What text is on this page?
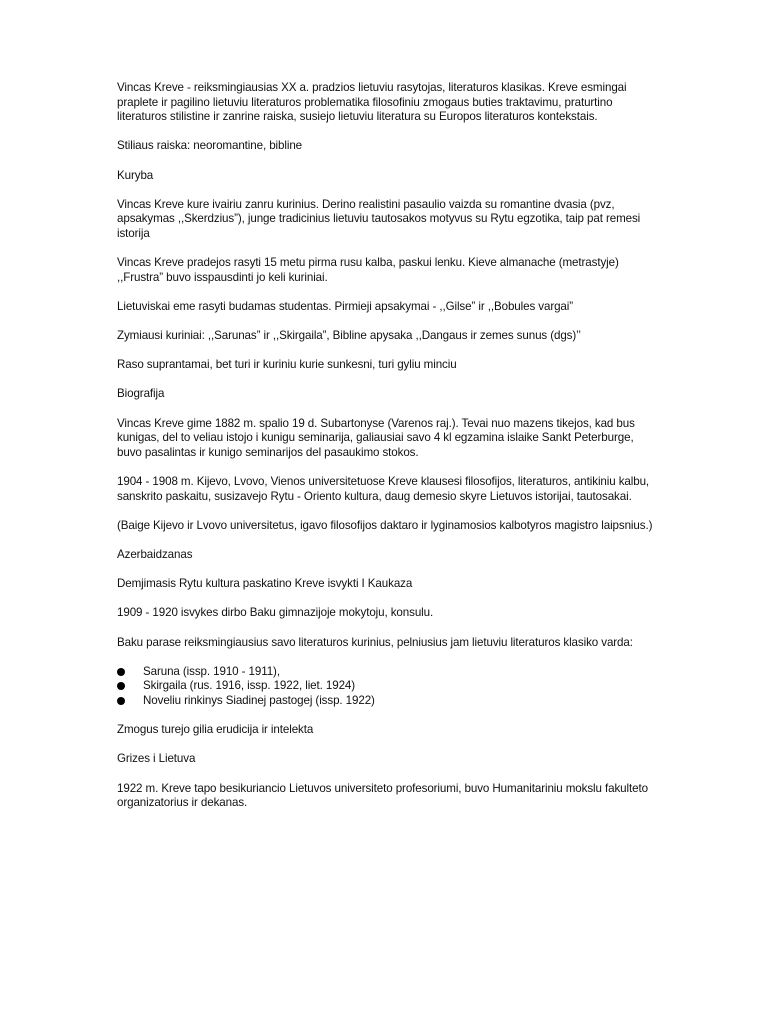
Vincas Kreve - reiksmingiausias XX a. pradzios lietuviu rasytojas, literaturos klasikas. Kreve esmingai praplete ir pagilino lietuviu literaturos problematika filosofiniu zmogaus buties traktavimu, praturtino literaturos stilistine ir zanrine raiska, susiejo lietuviu literatura su Europos literaturos kontekstais.

Stiliaus raiska: neoromantine, bibline

Kuryba

Vincas Kreve kure ivairiu zanru kurinius. Derino realistini pasaulio vaizda su romantine dvasia (pvz, apsakymas ,,Skerdzius”), junge tradicinius lietuviu tautosakos motyvus su Rytu egzotika, taip pat remesi istorija

Vincas Kreve pradejos rasyti 15 metu pirma rusu kalba, paskui lenku. Kieve almanache (metrastyje) ,,Frustra” buvo isspausdinti jo keli kuriniai.

Lietuviskai eme rasyti budamas studentas. Pirmieji apsakymai - ,,Gilse” ir ,,Bobules vargai”

Zymiausi kuriniai: ,,Sarunas” ir ,,Skirgaila”, Bibline apysaka ,,Dangaus ir zemes sunus (dgs)’’

Raso suprantamai, bet turi ir kuriniu kurie sunkesni, turi gyliu minciu

Biografija

Vincas Kreve gime 1882 m. spalio 19 d. Subartonyse (Varenos raj.). Tevai nuo mazens tikejos, kad bus kunigas, del to veliau istojo i kunigu seminarija, galiausiai savo 4 kl egzamina islaike Sankt Peterburge, buvo pasalintas ir kunigo seminarijos del pasaukimo stokos.

1904 - 1908 m. Kijevo, Lvovo, Vienos universitetuose Kreve klausesi filosofijos, literaturos, antikiniu kalbu, sanskrito paskaitu, susizavejo Rytu - Oriento kultura, daug demesio skyre Lietuvos istorijai, tautosakai.

(Baige Kijevo ir Lvovo universitetus, igavo filosofijos daktaro ir lyginamosios kalbotyros magistro laipsnius.)

Azerbaidzanas

Demjimasis Rytu kultura paskatino Kreve isvykti I Kaukaza

1909 - 1920 isvykes dirbo Baku gimnazijoje mokytoju, konsulu.

Baku parase reiksmingiausius savo literaturos kurinius, pelniusius jam lietuviu literaturos klasiko varda:

Saruna (issp. 1910 - 1911),
Skirgaila (rus. 1916, issp. 1922, liet. 1924)
Noveliu rinkinys Siadinej pastogej (issp. 1922)

Zmogus turejo gilia erudicija ir intelekta

Grizes i Lietuva

1922 m. Kreve tapo besikuriancio Lietuvos universiteto profesoriumi, buvo Humanitariniu mokslu fakulteto organizatorius ir dekanas.
